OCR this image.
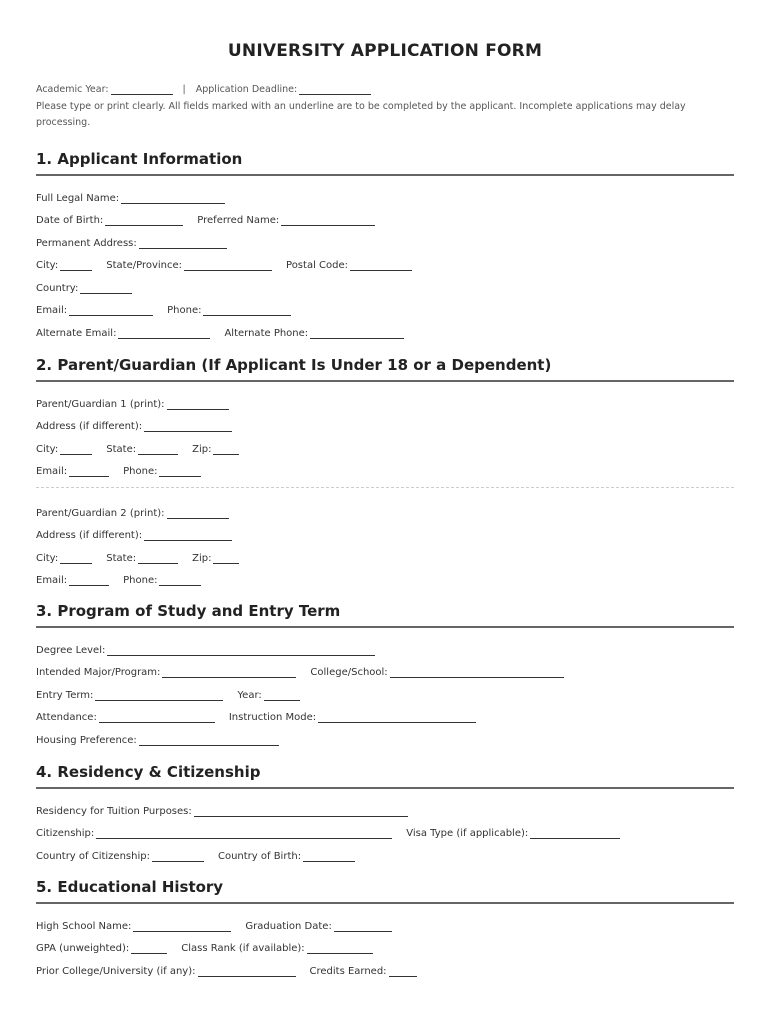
UNIVERSITY APPLICATION FORM
Academic Year:	| Application Deadline:
Please type or print clearly. All fields marked with an underline are to be completed by the applicant. Incomplete applications may delay processing.
1. Applicant Information
Full Legal Name:
Date of Birth:	Preferred Name:
Permanent Address:
City:	State/Province:	Postal Code:
Country:
Email:	Phone:
Alternate Email:	Alternate Phone:
2. Parent/Guardian (If Applicant Is Under 18 or a Dependent)
Parent/Guardian 1 (print):
Address (if different):
City:	State:	Zip:
Email:	Phone:
Parent/Guardian 2 (print):
Address (if different):
City:	State:	Zip:
Email:	Phone:
3. Program of Study and Entry Term
Degree Level:
Intended Major/Program:	College/School:
Entry Term:	Year:
Attendance:	Instruction Mode:
Housing Preference:
4. Residency & Citizenship
Residency for Tuition Purposes:
Citizenship:	Visa Type (if applicable):
Country of Citizenship:	Country of Birth:
5. Educational History
High School Name:	Graduation Date:
GPA (unweighted):	Class Rank (if available):
Prior College/University (if any):	Credits Earned:
